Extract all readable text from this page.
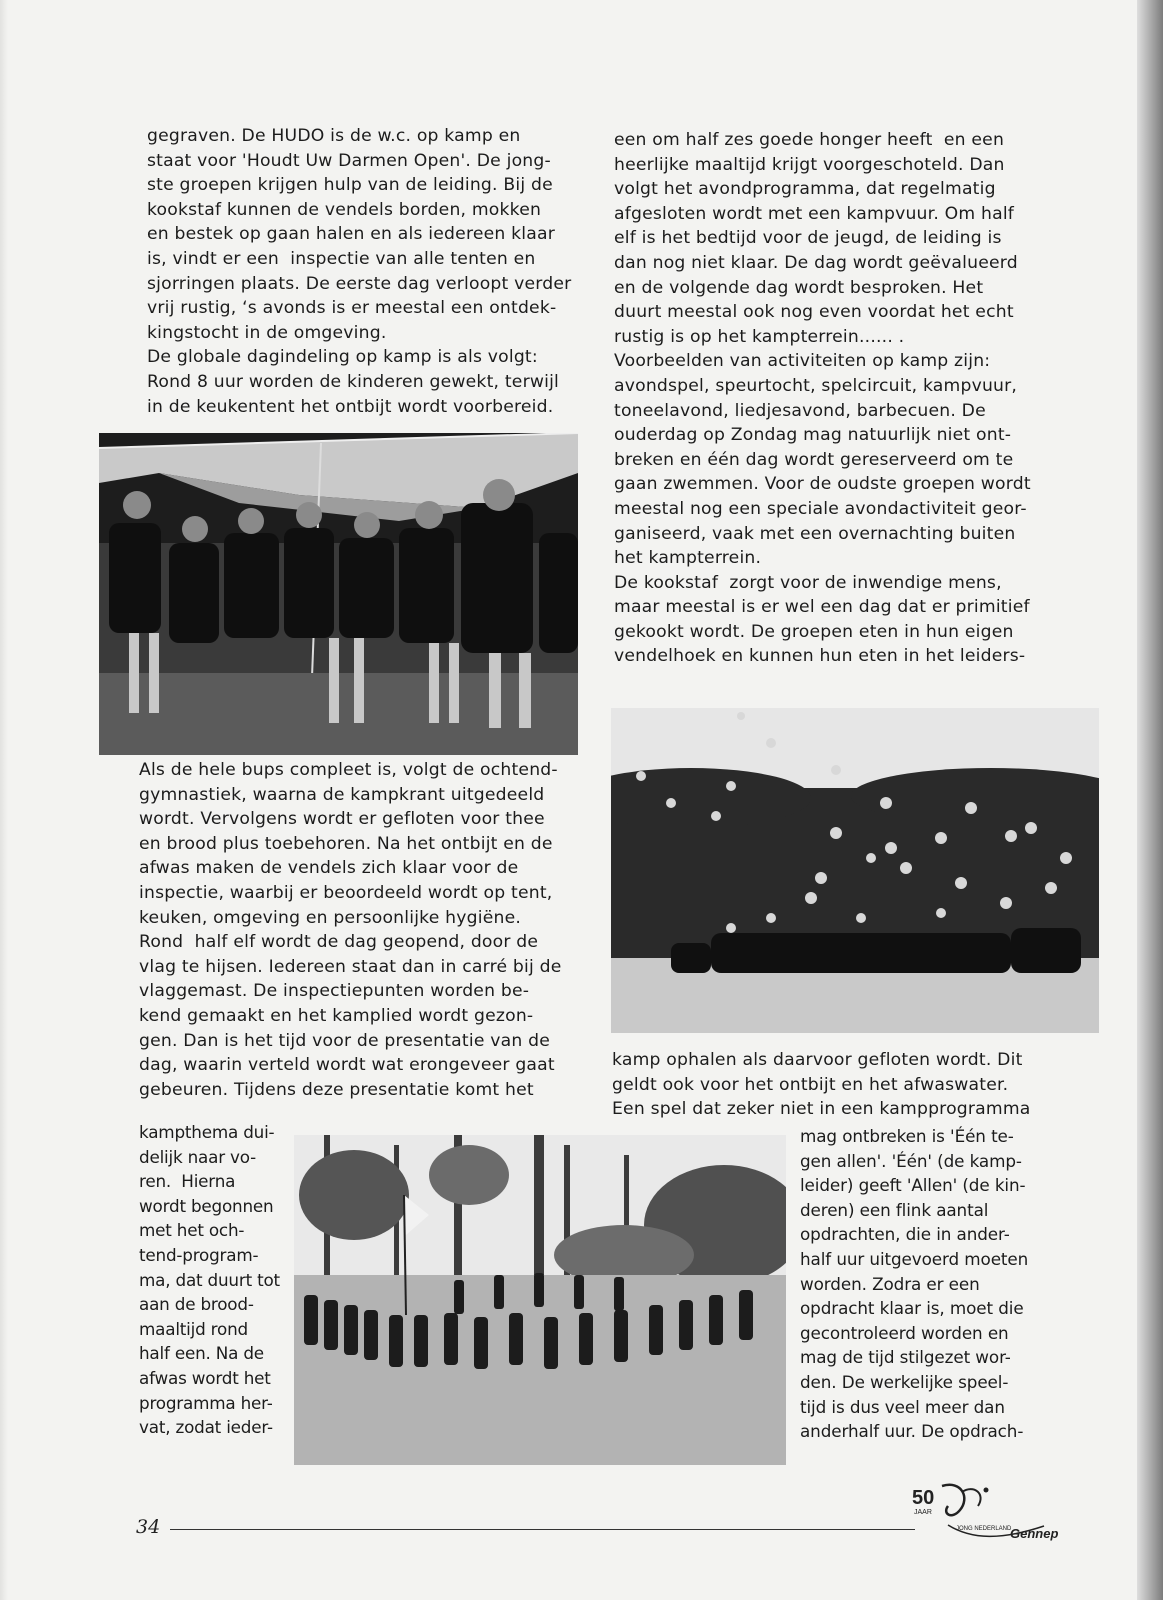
gegraven. De HUDO is de w.c. op kamp en

staat voor 'Houdt Uw Darmen Open'. De jong-

ste groepen krijgen hulp van de leiding. Bij de

kookstaf kunnen de vendels borden, mokken

en bestek op gaan halen en als iedereen klaar

is, vindt er een  inspectie van alle tenten en

sjorringen plaats. De eerste dag verloopt verder

vrij rustig, ‘s avonds is er meestal een ontdek-

kingstocht in de omgeving.

De globale dagindeling op kamp is als volgt:

Rond 8 uur worden de kinderen gewekt, terwijl

in de keukentent het ontbijt wordt voorbereid.

Als de hele bups compleet is, volgt de ochtend-

gymnastiek, waarna de kampkrant uitgedeeld

wordt. Vervolgens wordt er gefloten voor thee

en brood plus toebehoren. Na het ontbijt en de

afwas maken de vendels zich klaar voor de

inspectie, waarbij er beoordeeld wordt op tent,

keuken, omgeving en persoonlijke hygiëne.

Rond  half elf wordt de dag geopend, door de

vlag te hijsen. Iedereen staat dan in carré bij de

vlaggemast. De inspectiepunten worden be-

kend gemaakt en het kamplied wordt gezon-

gen. Dan is het tijd voor de presentatie van de

dag, waarin verteld wordt wat erongeveer gaat

gebeuren. Tijdens deze presentatie komt het

kampthema dui-

delijk naar vo-

ren.  Hierna

wordt begonnen

met het och-

tend-program-

ma, dat duurt tot

aan de brood-

maaltijd rond

half een. Na de

afwas wordt het

programma her-

vat, zodat ieder-

een om half zes goede honger heeft  en een

heerlijke maaltijd krijgt voorgeschoteld. Dan

volgt het avondprogramma, dat regelmatig

afgesloten wordt met een kampvuur. Om half

elf is het bedtijd voor de jeugd, de leiding is

dan nog niet klaar. De dag wordt geëvalueerd

en de volgende dag wordt besproken. Het

duurt meestal ook nog even voordat het echt

rustig is op het kampterrein...... .

Voorbeelden van activiteiten op kamp zijn:

avondspel, speurtocht, spelcircuit, kampvuur,

toneelavond, liedjesavond, barbecuen. De

ouderdag op Zondag mag natuurlijk niet ont-

breken en één dag wordt gereserveerd om te

gaan zwemmen. Voor de oudste groepen wordt

meestal nog een speciale avondactiviteit geor-

ganiseerd, vaak met een overnachting buiten

het kampterrein.

De kookstaf  zorgt voor de inwendige mens,

maar meestal is er wel een dag dat er primitief

gekookt wordt. De groepen eten in hun eigen

vendelhoek en kunnen hun eten in het leiders-

kamp ophalen als daarvoor gefloten wordt. Dit

geldt ook voor het ontbijt en het afwaswater.

Een spel dat zeker niet in een kampprogramma

mag ontbreken is 'Één te-

gen allen'. 'Één' (de kamp-

leider) geeft 'Allen' (de kin-

deren) een flink aantal

opdrachten, die in ander-

half uur uitgevoerd moeten

worden. Zodra er een

opdracht klaar is, moet die

gecontroleerd worden en

mag de tijd stilgezet wor-

den. De werkelijke speel-

tijd is dus veel meer dan

anderhalf uur. De opdrach-

34
50
JAAR
JONG NEDERLAND
Gennep
